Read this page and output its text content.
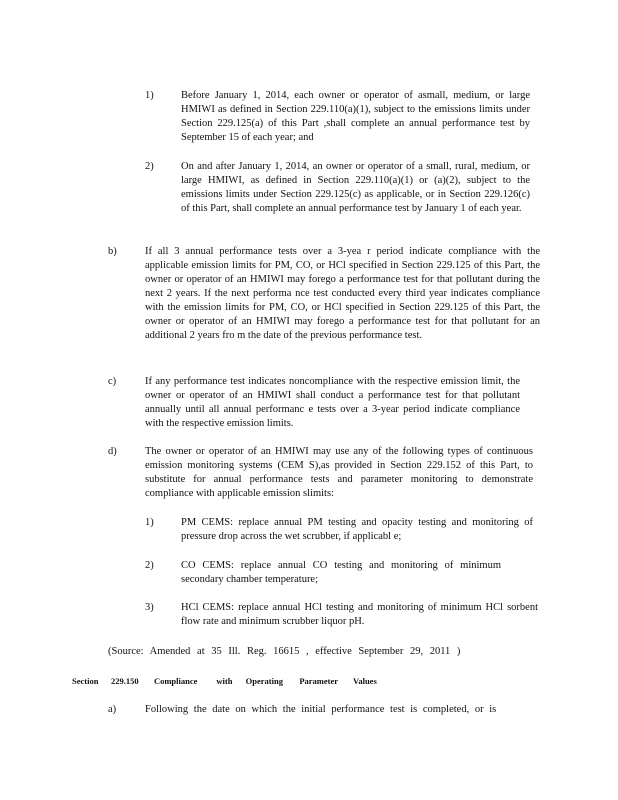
1)	Before January 1, 2014, each owner or operator of asmall, medium, or large HMIWI as defined in Section 229.110(a)(1), subject to the emissions limits under Section 229.125(a) of this Part ,shall complete an annual performance test by September 15 of each year; and
2)	On and after January 1, 2014, an owner or operator of a small, rural, medium, or large HMIWI, as defined in Section 229.110(a)(1) or (a)(2), subject to the emissions limits under Section 229.125(c) as applicable, or in Section 229.126(c) of this Part, shall complete an annual performance test by January 1 of each year.
b)	If all 3 annual performance tests over a 3-yea r period indicate compliance with the applicable emission limits for PM, CO, or HCl specified in Section 229.125 of this Part, the owner or operator of an HMIWI may forego a performance test for that pollutant during the next 2 years. If the next performa nce test conducted every third year indicates compliance with the emission limits for PM, CO, or HCl specified in Section 229.125 of this Part, the owner or operator of an HMIWI may forego a performance test for that pollutant for an additional 2 years fro m the date of the previous performance test.
c)	If any performance test indicates noncompliance with the respective emission limit, the owner or operator of an HMIWI shall conduct a performance test for that pollutant annually until all annual performanc e tests over a 3-year period indicate compliance with the respective emission limits.
d)	The owner or operator of an HMIWI may use any of the following types of continuous emission monitoring systems (CEM S),as provided in Section 229.152 of this Part, to substitute for annual performance tests and parameter monitoring to demonstrate compliance with applicable emission slimits:
1)	PM CEMS: replace annual PM testing and opacity testing and monitoring of pressure drop across the wet scrubber, if applicabl e;
2)	CO CEMS: replace annual CO testing and monitoring of minimum secondary chamber temperature;
3)	HCl CEMS: replace annual HCl testing and monitoring of minimum HCl sorbent flow rate and minimum scrubber liquor pH.
(Source: Amended at 35 Ill. Reg. 16615 , effective September 29, 2011 )
Section	229.150	Compliance	with	Operating	Parameter	Values
a)	Following the date on which the initial performance test is completed, or is
